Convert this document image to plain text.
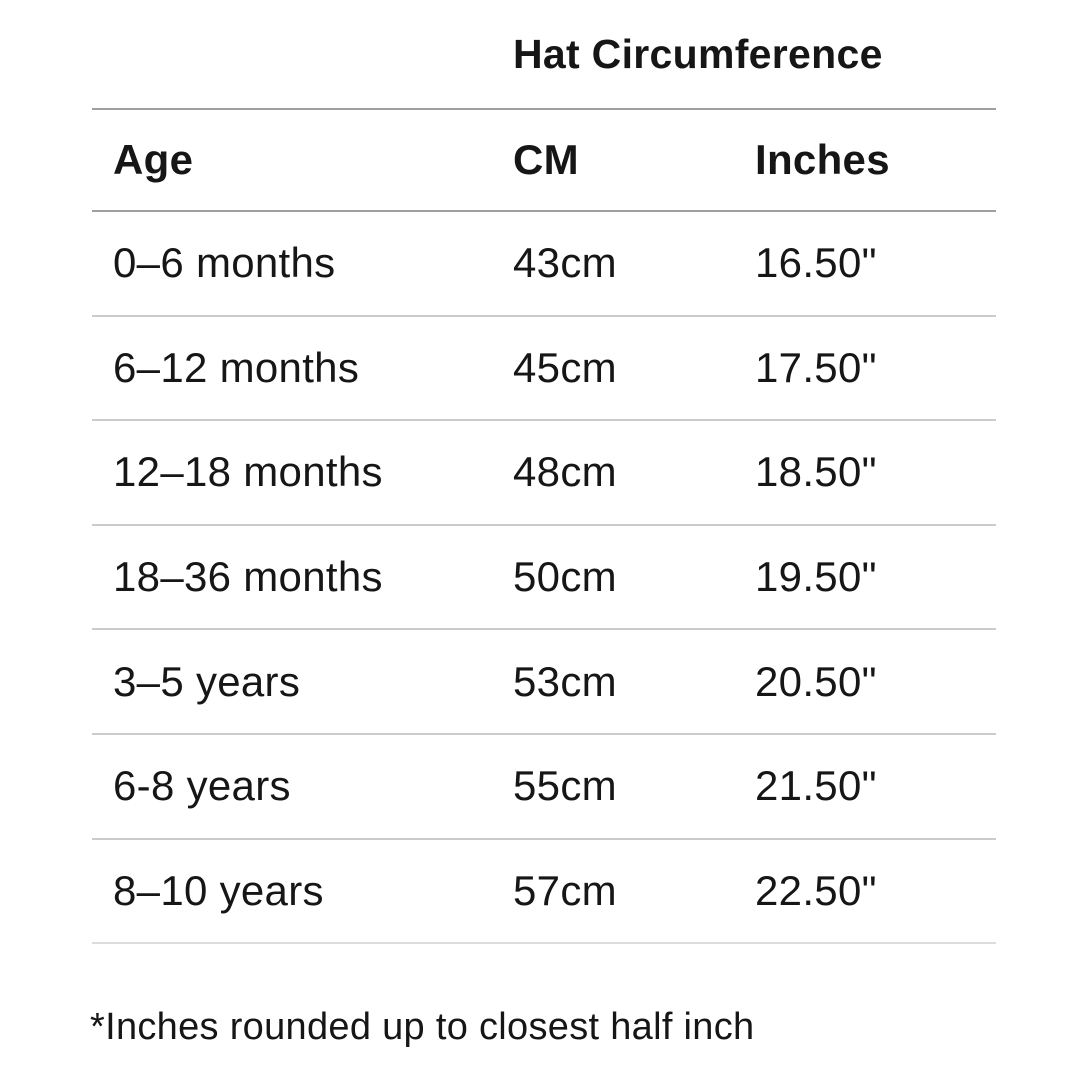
Hat Circumference
Age	CM	Inches
0–6 months	43cm	16.50"
6–12 months	45cm	17.50"
12–18 months	48cm	18.50"
18–36 months	50cm	19.50"
3–5 years	53cm	20.50"
6-8 years	55cm	21.50"
8–10 years	57cm	22.50"
*Inches rounded up to closest half inch
